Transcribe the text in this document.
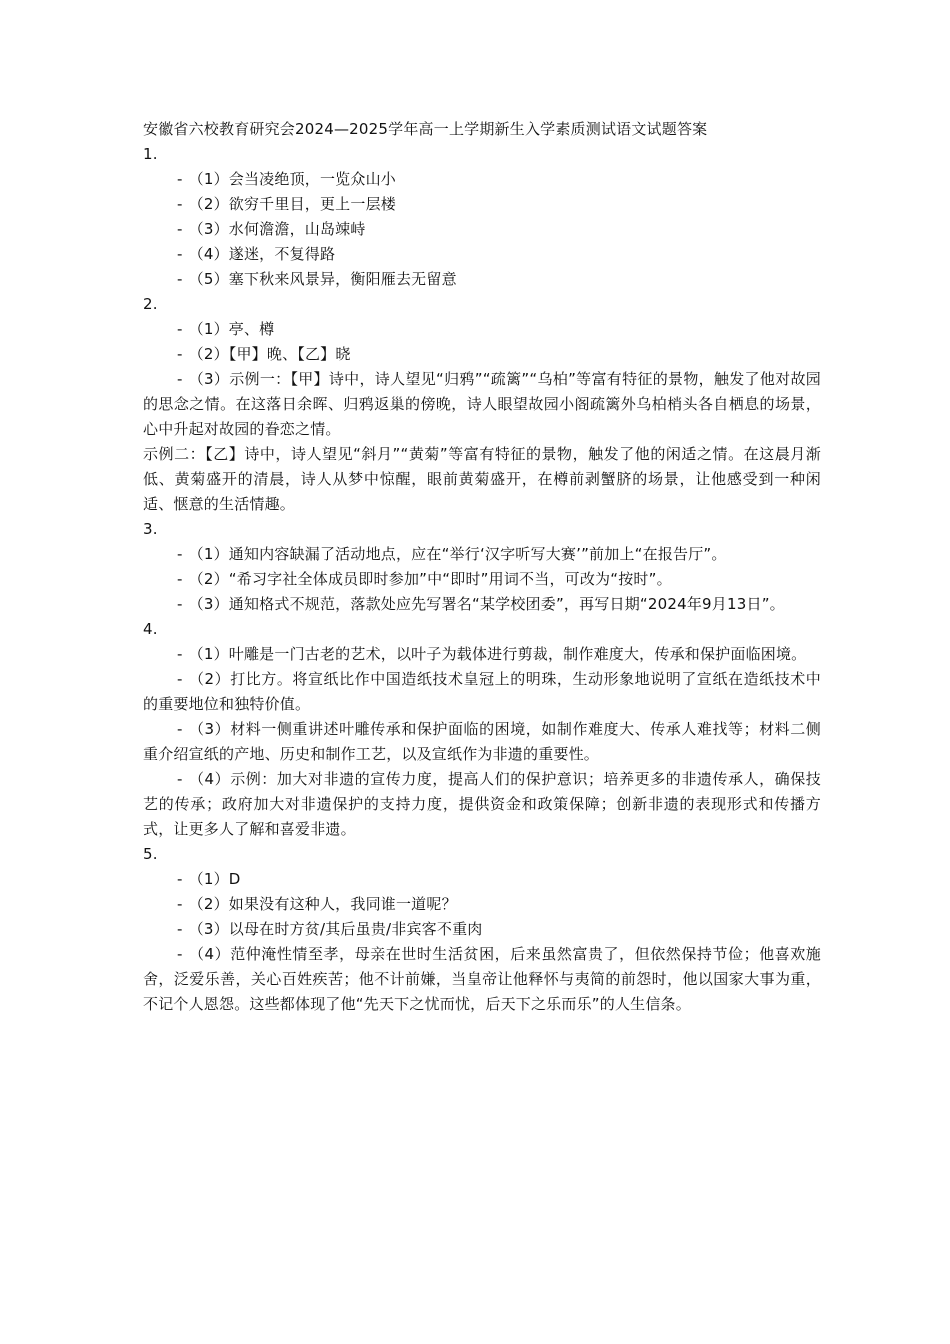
安徽省六校教育研究会2024—2025学年高一上学期新生入学素质测试语文试题答案
1.
- （1）会当凌绝顶，一览众山小
- （2）欲穷千里目，更上一层楼
- （3）水何澹澹，山岛竦峙
- （4）遂迷，不复得路
- （5）塞下秋来风景异，衡阳雁去无留意
2.
- （1）亭、樽
- （2）【甲】晚、【乙】晓
- （3）示例一：【甲】诗中，诗人望见“归鸦”“疏篱”“乌柏”等富有特征的景物，触发了他对故园的思念之情。在这落日余晖、归鸦返巢的傍晚，诗人眼望故园小阁疏篱外乌柏梢头各自栖息的场景，心中升起对故园的眷恋之情。
示例二：【乙】诗中，诗人望见“斜月”“黄菊”等富有特征的景物，触发了他的闲适之情。在这晨月渐低、黄菊盛开的清晨，诗人从梦中惊醒，眼前黄菊盛开，在樽前剥蟹脐的场景，让他感受到一种闲适、惬意的生活情趣。
3.
- （1）通知内容缺漏了活动地点，应在“举行‘汉字听写大赛’”前加上“在报告厅”。
- （2）“希习字社全体成员即时参加”中“即时”用词不当，可改为“按时”。
- （3）通知格式不规范，落款处应先写署名“某学校团委”，再写日期“2024年9月13日”。
4.
- （1）叶雕是一门古老的艺术，以叶子为载体进行剪裁，制作难度大，传承和保护面临困境。
- （2）打比方。将宣纸比作中国造纸技术皇冠上的明珠，生动形象地说明了宣纸在造纸技术中的重要地位和独特价值。
- （3）材料一侧重讲述叶雕传承和保护面临的困境，如制作难度大、传承人难找等；材料二侧重介绍宣纸的产地、历史和制作工艺，以及宣纸作为非遗的重要性。
- （4）示例：加大对非遗的宣传力度，提高人们的保护意识；培养更多的非遗传承人，确保技艺的传承；政府加大对非遗保护的支持力度，提供资金和政策保障；创新非遗的表现形式和传播方式，让更多人了解和喜爱非遗。
5.
- （1）D
- （2）如果没有这种人，我同谁一道呢？
- （3）以母在时方贫/其后虽贵/非宾客不重肉
- （4）范仲淹性情至孝，母亲在世时生活贫困，后来虽然富贵了，但依然保持节俭；他喜欢施舍，泛爱乐善，关心百姓疾苦；他不计前嫌，当皇帝让他释怀与夷简的前怨时，他以国家大事为重，不记个人恩怨。这些都体现了他“先天下之忧而忧，后天下之乐而乐”的人生信条。
